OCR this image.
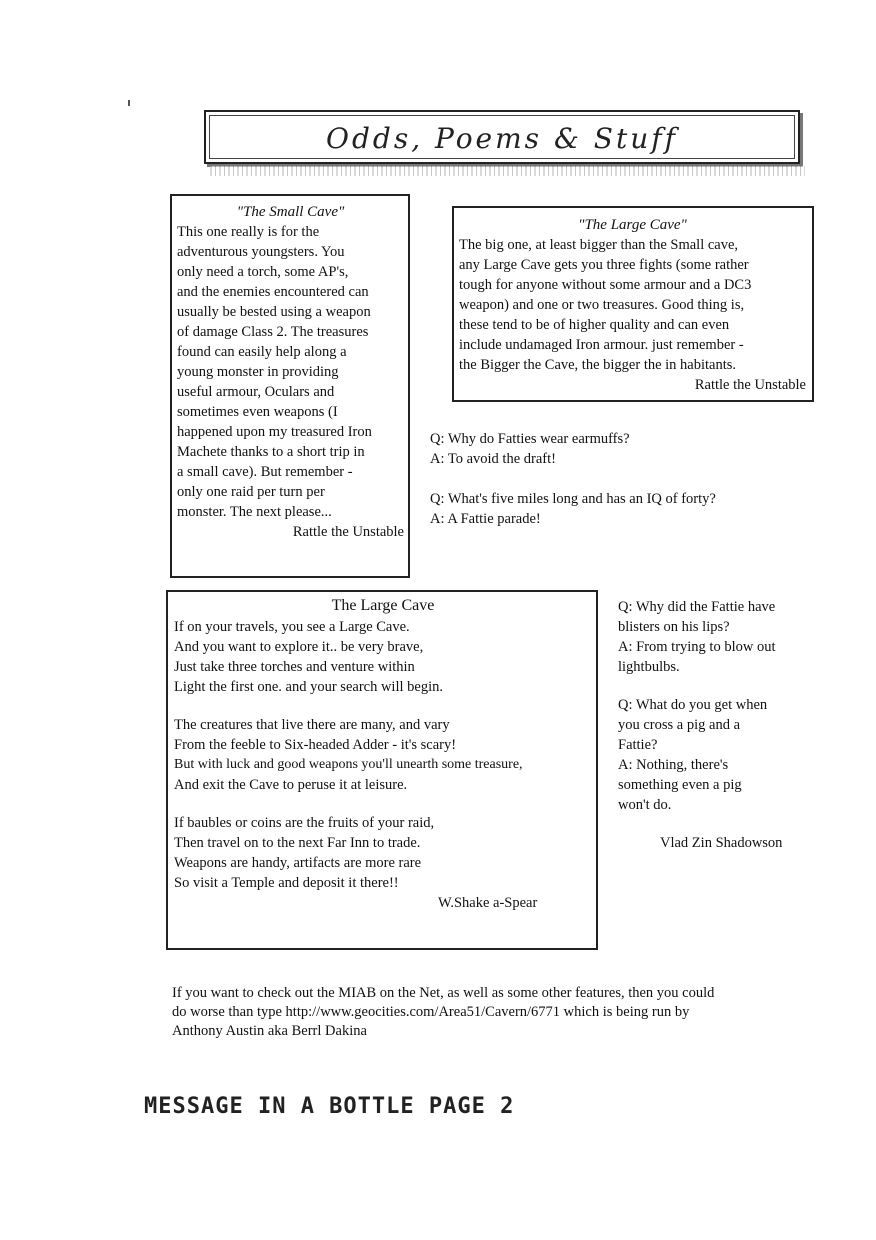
Odds, Poems & Stuff
"The Small Cave"
This one really is for the
adventurous youngsters. You
only need a torch, some AP's,
and the enemies encountered can
usually be bested using a weapon
of damage Class 2. The treasures
found can easily help along a
young monster in providing
useful armour, Oculars and
sometimes even weapons (I
happened upon my treasured Iron
Machete thanks to a short trip in
a small cave). But remember -
only one raid per turn per
monster. The next please...
Rattle the Unstable
"The Large Cave"
The big one, at least bigger than the Small cave,
any Large Cave gets you three fights (some rather
tough for anyone without some armour and a DC3
weapon) and one or two treasures. Good thing is,
these tend to be of higher quality and can even
include undamaged Iron armour. just remember -
the Bigger the Cave, the bigger the in habitants.
Rattle the Unstable

Q: Why do Fatties wear earmuffs?

A: To avoid the draft!

Q: What's five miles long and has an IQ of forty?

A: A Fattie parade!

The Large Cave
If on your travels, you see a Large Cave.
And you want to explore it.. be very brave,
Just take three torches and venture within
Light the first one. and your search will begin.
The creatures that live there are many, and vary
From the feeble to Six-headed Adder - it's scary!
But with luck and good weapons you'll unearth some treasure,
And exit the Cave to peruse it at leisure.
If baubles or coins are the fruits of your raid,
Then travel on to the next Far Inn to trade.
Weapons are handy, artifacts are more rare
So visit a Temple and deposit it there!!
W.Shake a-Spear

Q: Why did the Fattie have

blisters on his lips?

A: From trying to blow out

lightbulbs.

Q: What do you get when

you cross a pig and a

Fattie?

A: Nothing, there's

something even a pig

won't do.

Vlad Zin Shadowson

If you want to check out the MIAB on the Net, as well as some other features, then you could
do worse than type http://www.geocities.com/Area51/Cavern/6771 which is being run by
Anthony Austin aka Berrl Dakina
MESSAGE IN A BOTTLE PAGE 2
